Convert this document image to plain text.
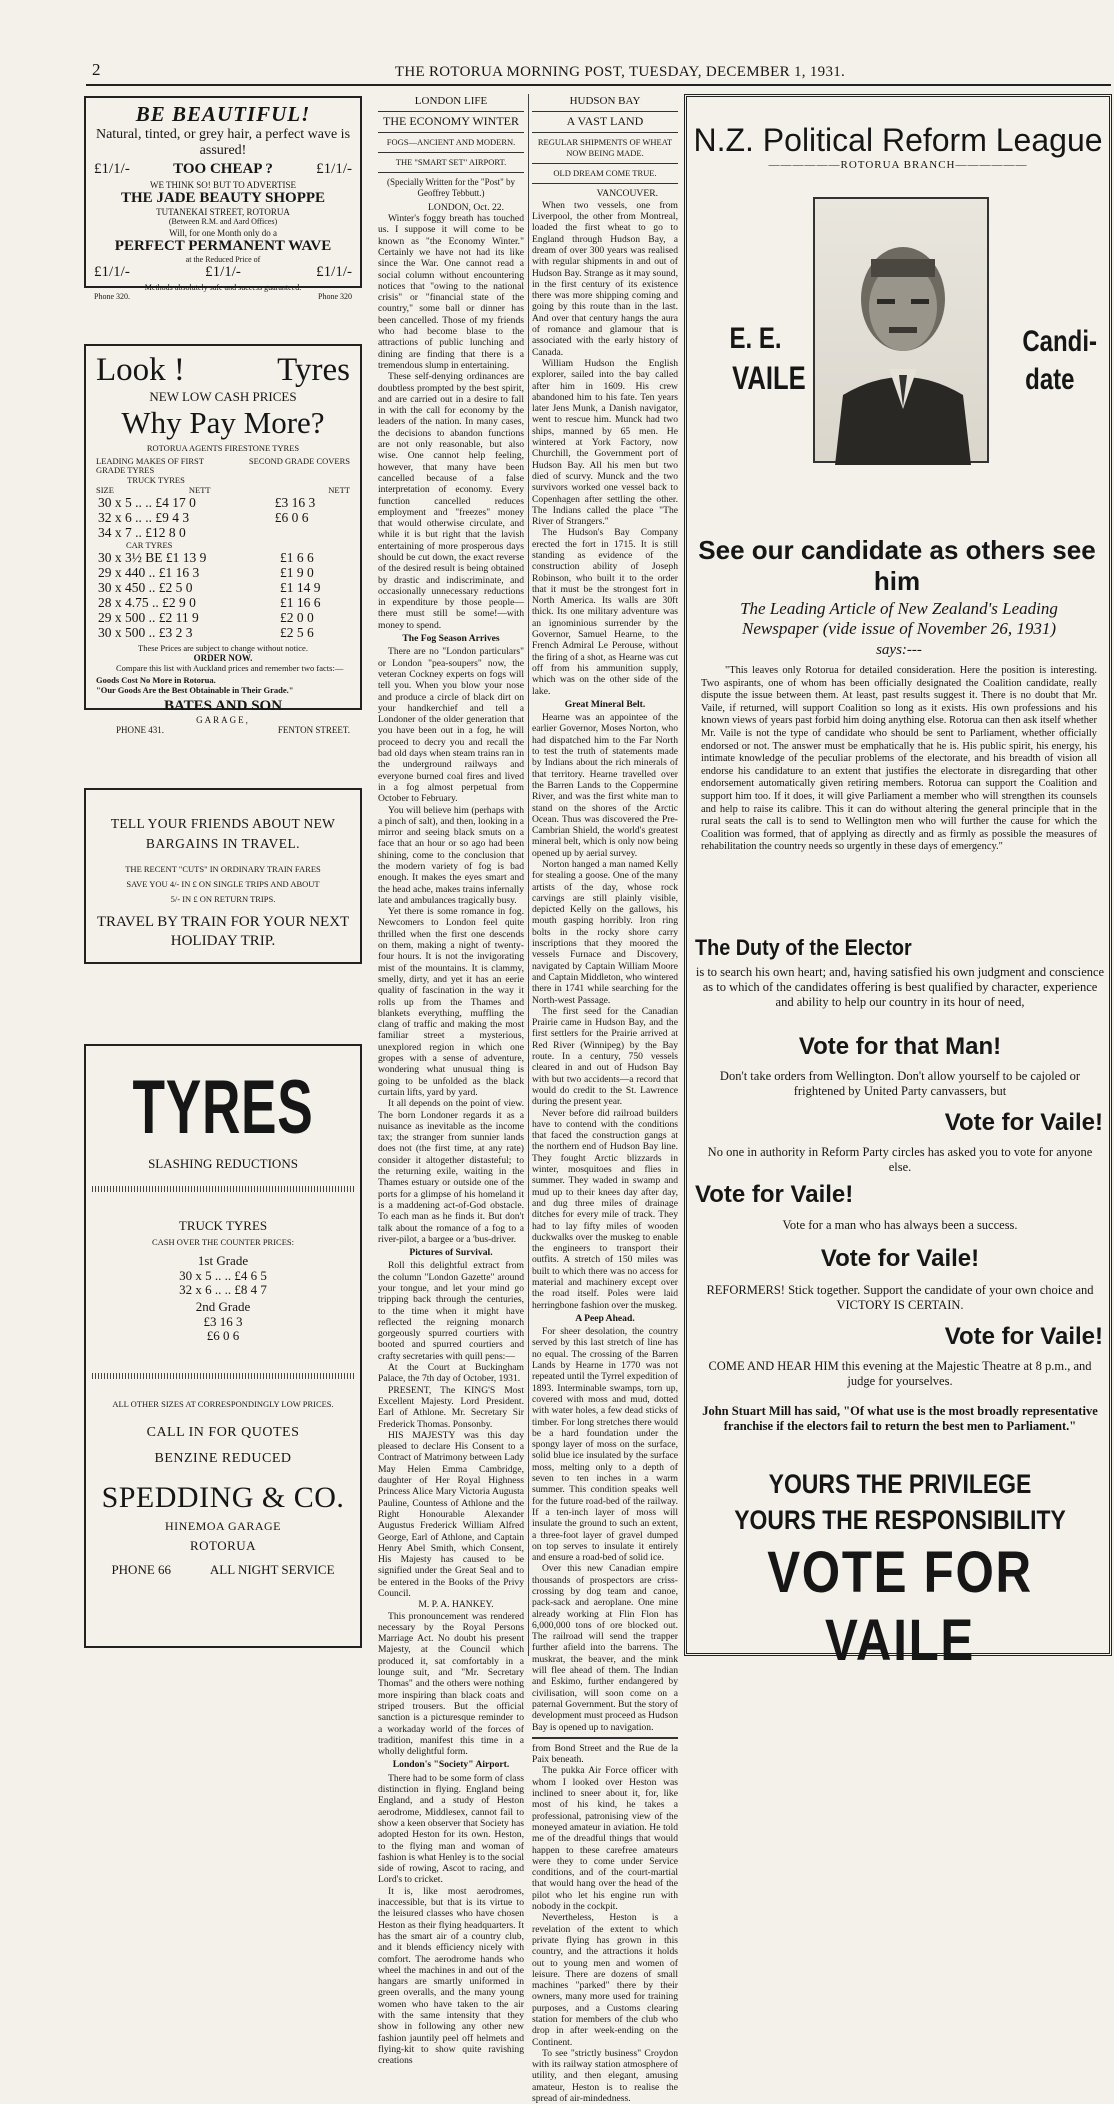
2	THE ROTORUA MORNING POST, TUESDAY, DECEMBER 1, 1931.
BE BEAUTIFUL!
Natural, tinted, or grey hair, a perfect wave is assured!
£1/1/-	TOO CHEAP ?	£1/1/-
WE THINK SO! BUT TO ADVERTISE
THE JADE BEAUTY SHOPPE
TUTANEKAI STREET, ROTORUA
(Between R.M. and Aard Offices)
Will, for one Month only do a
PERFECT PERMANENT WAVE
at the Reduced Price of
£1/1/-	£1/1/-	£1/1/-
Methods absolutely safe and success guaranteed.
Phone 320.	Phone 320
Look !	Tyres
NEW LOW CASH PRICES
Why Pay More?
ROTORUA AGENTS FIRESTONE TYRES
LEADING MAKES OF FIRST GRADE TYRES
SECOND GRADE COVERS
TRUCK TYRES
SIZE	NETT	NETT
30 x 5 .. .. £4 17 0	£3 16 3
32 x 6 .. .. £9 4 3	£6 0 6
34 x 7 .. £12 8 0	
CAR TYRES
30 x 3½ BE £1 13 9	£1 6 6
29 x 440 .. £1 16 3	£1 9 0
30 x 450 .. £2 5 0	£1 14 9
28 x 4.75 .. £2 9 0	£1 16 6
29 x 500 .. £2 11 9	£2 0 0
30 x 500 .. £3 2 3	£2 5 6
These Prices are subject to change without notice.
ORDER NOW.
Compare this list with Auckland prices and remember two facts:—
Goods Cost No More in Rotorua.
"Our Goods Are the Best Obtainable in Their Grade."
BATES AND SON
GARAGE,
PHONE 431.	FENTON STREET.
TELL YOUR FRIENDS ABOUT NEW
BARGAINS IN TRAVEL.
THE RECENT "CUTS" IN ORDINARY TRAIN FARES
SAVE YOU 4/- IN £ ON SINGLE TRIPS AND ABOUT
5/- IN £ ON RETURN TRIPS.
TRAVEL BY TRAIN FOR YOUR NEXT
HOLIDAY TRIP.
TYRES
SLASHING REDUCTIONS
TRUCK TYRES
CASH OVER THE COUNTER PRICES:
1st Grade
30 x 5 .. .. £4 6 5
32 x 6 .. .. £8 4 7
2nd Grade
£3 16 3
£6 0 6
ALL OTHER SIZES AT CORRESPONDINGLY LOW PRICES.
CALL IN FOR QUOTES
BENZINE REDUCED
SPEDDING & CO.
HINEMOA GARAGE
ROTORUA
PHONE 66	ALL NIGHT SERVICE
LONDON LIFE
THE ECONOMY WINTER
FOGS—ANCIENT AND MODERN.
THE "SMART SET" AIRPORT.
(Specially Written for the "Post" by Geoffrey Tebbutt.)
LONDON, Oct. 22.

Winter's foggy breath has touched us. I suppose it will come to be known as "the Economy Winter." Certainly we have not had its like since the War. One cannot read a social column without encountering notices that "owing to the national crisis" or "financial state of the country," some ball or dinner has been cancelled. Those of my friends who had become blase to the attractions of public lunching and dining are finding that there is a tremendous slump in entertaining.

These self-denying ordinances are doubtless prompted by the best spirit, and are carried out in a desire to fall in with the call for economy by the leaders of the nation. In many cases, the decisions to abandon functions are not only reasonable, but also wise. One cannot help feeling, however, that many have been cancelled because of a false interpretation of economy. Every function cancelled reduces employment and "freezes" money that would otherwise circulate, and while it is but right that the lavish entertaining of more prosperous days should be cut down, the exact reverse of the desired result is being obtained by drastic and indiscriminate, and occasionally unnecessary reductions in expenditure by those people—there must still be some!—with money to spend.

The Fog Season Arrives

There are no "London particulars" or London "pea-soupers" now, the veteran Cockney experts on fogs will tell you. When you blow your nose and produce a circle of black dirt on your handkerchief and tell a Londoner of the older generation that you have been out in a fog, he will proceed to decry you and recall the bad old days when steam trains ran in the underground railways and everyone burned coal fires and lived in a fog almost perpetual from October to February.

You will believe him (perhaps with a pinch of salt), and then, looking in a mirror and seeing black smuts on a face that an hour or so ago had been shining, come to the conclusion that the modern variety of fog is bad enough. It makes the eyes smart and the head ache, makes trains infernally late and ambulances tragically busy.

Yet there is some romance in fog. Newcomers to London feel quite thrilled when the first one descends on them, making a night of twenty-four hours. It is not the invigorating mist of the mountains. It is clammy, smelly, dirty, and yet it has an eerie quality of fascination in the way it rolls up from the Thames and blankets everything, muffling the clang of traffic and making the most familiar street a mysterious, unexplored region in which one gropes with a sense of adventure, wondering what unusual thing is going to be unfolded as the black curtain lifts, yard by yard.

It all depends on the point of view. The born Londoner regards it as a nuisance as inevitable as the income tax; the stranger from sunnier lands does not (the first time, at any rate) consider it altogether distasteful; to the returning exile, waiting in the Thames estuary or outside one of the ports for a glimpse of his homeland it is a maddening act-of-God obstacle. To each man as he finds it. But don't talk about the romance of a fog to a river-pilot, a bargee or a 'bus-driver.

Pictures of Survival.

Roll this delightful extract from the column "London Gazette" around your tongue, and let your mind go tripping back through the centuries, to the time when it might have reflected the reigning monarch gorgeously spurred courtiers with booted and spurred courtiers and crafty secretaries with quill pens:—

At the Court at Buckingham Palace, the 7th day of October, 1931.

PRESENT, The KING'S Most Excellent Majesty. Lord President. Earl of Athlone. Mr. Secretary Sir Frederick Thomas. Ponsonby.

HIS MAJESTY was this day pleased to declare His Consent to a Contract of Matrimony between Lady May Helen Emma Cambridge, daughter of Her Royal Highness Princess Alice Mary Victoria Augusta Pauline, Countess of Athlone and the Right Honourable Alexander Augustus Frederick William Alfred George, Earl of Athlone, and Captain Henry Abel Smith, which Consent, His Majesty has caused to be signified under the Great Seal and to be entered in the Books of the Privy Council.

M. P. A. HANKEY.

This pronouncement was rendered necessary by the Royal Persons Marriage Act. No doubt his present Majesty, at the Council which produced it, sat comfortably in a lounge suit, and "Mr. Secretary Thomas" and the others were nothing more inspiring than black coats and striped trousers. But the official sanction is a picturesque reminder to a workaday world of the forces of tradition, manifest this time in a wholly delightful form.

London's "Society" Airport.

There had to be some form of class distinction in flying. England being England, and a study of Heston aerodrome, Middlesex, cannot fail to show a keen observer that Society has adopted Heston for its own. Heston, to the flying man and woman of fashion is what Henley is to the social side of rowing, Ascot to racing, and Lord's to cricket.

It is, like most aerodromes, inaccessible, but that is its virtue to the leisured classes who have chosen Heston as their flying headquarters. It has the smart air of a country club, and it blends efficiency nicely with comfort. The aerodrome hands who wheel the machines in and out of the hangars are smartly uniformed in green overalls, and the many young women who have taken to the air with the same intensity that they show in following any other new fashion jauntily peel off helmets and flying-kit to show quite ravishing creations

HUDSON BAY
A VAST LAND
REGULAR SHIPMENTS OF WHEAT NOW BEING MADE.
OLD DREAM COME TRUE.
VANCOUVER.

When two vessels, one from Liverpool, the other from Montreal, loaded the first wheat to go to England through Hudson Bay, a dream of over 300 years was realised with regular shipments in and out of Hudson Bay. Strange as it may sound, in the first century of its existence there was more shipping coming and going by this route than in the last. And over that century hangs the aura of romance and glamour that is associated with the early history of Canada.

William Hudson the English explorer, sailed into the bay called after him in 1609. His crew abandoned him to his fate. Ten years later Jens Munk, a Danish navigator, went to rescue him. Munck had two ships, manned by 65 men. He wintered at York Factory, now Churchill, the Government port of Hudson Bay. All his men but two died of scurvy. Munck and the two survivors worked one vessel back to Copenhagen after settling the other. The Indians called the place "The River of Strangers."

The Hudson's Bay Company erected the fort in 1715. It is still standing as evidence of the construction ability of Joseph Robinson, who built it to the order that it must be the strongest fort in North America. Its walls are 30ft thick. Its one military adventure was an ignominious surrender by the Governor, Samuel Hearne, to the French Admiral Le Perouse, without the firing of a shot, as Hearne was cut off from his ammunition supply, which was on the other side of the lake.

Great Mineral Belt.

Hearne was an appointee of the earlier Governor, Moses Norton, who had dispatched him to the Far North to test the truth of statements made by Indians about the rich minerals of that territory. Hearne travelled over the Barren Lands to the Coppermine River, and was the first white man to stand on the shores of the Arctic Ocean. Thus was discovered the Pre-Cambrian Shield, the world's greatest mineral belt, which is only now being opened up by aerial survey.

Norton hanged a man named Kelly for stealing a goose. One of the many artists of the day, whose rock carvings are still plainly visible, depicted Kelly on the gallows, his mouth gasping horribly. Iron ring bolts in the rocky shore carry inscriptions that they moored the vessels Furnace and Discovery, navigated by Captain William Moore and Captain Middleton, who wintered there in 1741 while searching for the North-west Passage.

The first seed for the Canadian Prairie came in Hudson Bay, and the first settlers for the Prairie arrived at Red River (Winnipeg) by the Bay route. In a century, 750 vessels cleared in and out of Hudson Bay with but two accidents—a record that would do credit to the St. Lawrence during the present year.

Never before did railroad builders have to contend with the conditions that faced the construction gangs at the northern end of Hudson Bay line. They fought Arctic blizzards in winter, mosquitoes and flies in summer. They waded in swamp and mud up to their knees day after day, and dug three miles of drainage ditches for every mile of track. They had to lay fifty miles of wooden duckwalks over the muskeg to enable the engineers to transport their outfits. A stretch of 150 miles was built to which there was no access for material and machinery except over the road itself. Poles were laid herringbone fashion over the muskeg.

A Peep Ahead.

For sheer desolation, the country served by this last stretch of line has no equal. The crossing of the Barren Lands by Hearne in 1770 was not repeated until the Tyrrel expedition of 1893. Interminable swamps, torn up, covered with moss and mud, dotted with water holes, a few dead sticks of timber. For long stretches there would be a hard foundation under the spongy layer of moss on the surface, solid blue ice insulated by the surface moss, melting only to a depth of seven to ten inches in a warm summer. This condition speaks well for the future road-bed of the railway. If a ten-inch layer of moss will insulate the ground to such an extent, a three-foot layer of gravel dumped on top serves to insulate it entirely and ensure a road-bed of solid ice.

Over this new Canadian empire thousands of prospectors are criss-crossing by dog team and canoe, pack-sack and aeroplane. One mine already working at Flin Flon has 6,000,000 tons of ore blocked out. The railroad will send the trapper further afield into the barrens. The muskrat, the beaver, and the mink will flee ahead of them. The Indian and Eskimo, further endangered by civilisation, will soon come on a paternal Government. But the story of development must proceed as Hudson Bay is opened up to navigation.

from Bond Street and the Rue de la Paix beneath.

The pukka Air Force officer with whom I looked over Heston was inclined to sneer about it, for, like most of his kind, he takes a professional, patronising view of the moneyed amateur in aviation. He told me of the dreadful things that would happen to these carefree amateurs were they to come under Service conditions, and of the court-martial that would hang over the head of the pilot who let his engine run with nobody in the cockpit.

Nevertheless, Heston is a revelation of the extent to which private flying has grown in this country, and the attractions it holds out to young men and women of leisure. There are dozens of small machines "parked" there by their owners, many more used for training purposes, and a Customs clearing station for members of the club who drop in after week-ending on the Continent.

To see "strictly business" Croydon with its railway station atmosphere of utility, and then elegant, amusing amateur, Heston is to realise the spread of air-mindedness.

N.Z. Political Reform League
——————ROTORUA BRANCH——————
E. E.
VAILE
Candi-
date
See our candidate as others see him
The Leading Article of New Zealand's Leading Newspaper (vide issue of November 26, 1931)
says:---
"This leaves only Rotorua for detailed consideration. Here the position is interesting. Two aspirants, one of whom has been officially designated the Coalition candidate, really dispute the issue between them. At least, past results suggest it. There is no doubt that Mr. Vaile, if returned, will support Coalition so long as it exists. His own professions and his known views of years past forbid him doing anything else. Rotorua can then ask itself whether Mr. Vaile is not the type of candidate who should be sent to Parliament, whether officially endorsed or not. The answer must be emphatically that he is. His public spirit, his energy, his intimate knowledge of the peculiar problems of the electorate, and his breadth of vision all endorse his candidature to an extent that justifies the electorate in disregarding that other endorsement automatically given retiring members. Rotorua can support the Coalition and support him too. If it does, it will give Parliament a member who will strengthen its counsels and help to raise its calibre. This it can do without altering the general principle that in the rural seats the call is to send to Wellington men who will further the cause for which the Coalition was formed, that of applying as directly and as firmly as possible the measures of rehabilitation the country needs so urgently in these days of emergency."
The Duty of the Elector
is to search his own heart; and, having satisfied his own judgment and conscience as to which of the candidates offering is best qualified by character, experience and ability to help our country in its hour of need,
Vote for that Man!
Don't take orders from Wellington. Don't allow yourself to be cajoled or frightened by United Party canvassers, but
Vote for Vaile!
No one in authority in Reform Party circles has asked you to vote for anyone else.
Vote for Vaile!
Vote for a man who has always been a success.
Vote for Vaile!
REFORMERS! Stick together. Support the candidate of your own choice and VICTORY IS CERTAIN.
Vote for Vaile!
COME AND HEAR HIM this evening at the Majestic Theatre at 8 p.m., and judge for yourselves.
John Stuart Mill has said, "Of what use is the most broadly representative franchise if the electors fail to return the best men to Parliament."
YOURS THE PRIVILEGE
YOURS THE RESPONSIBILITY
VOTE FOR VAILE
